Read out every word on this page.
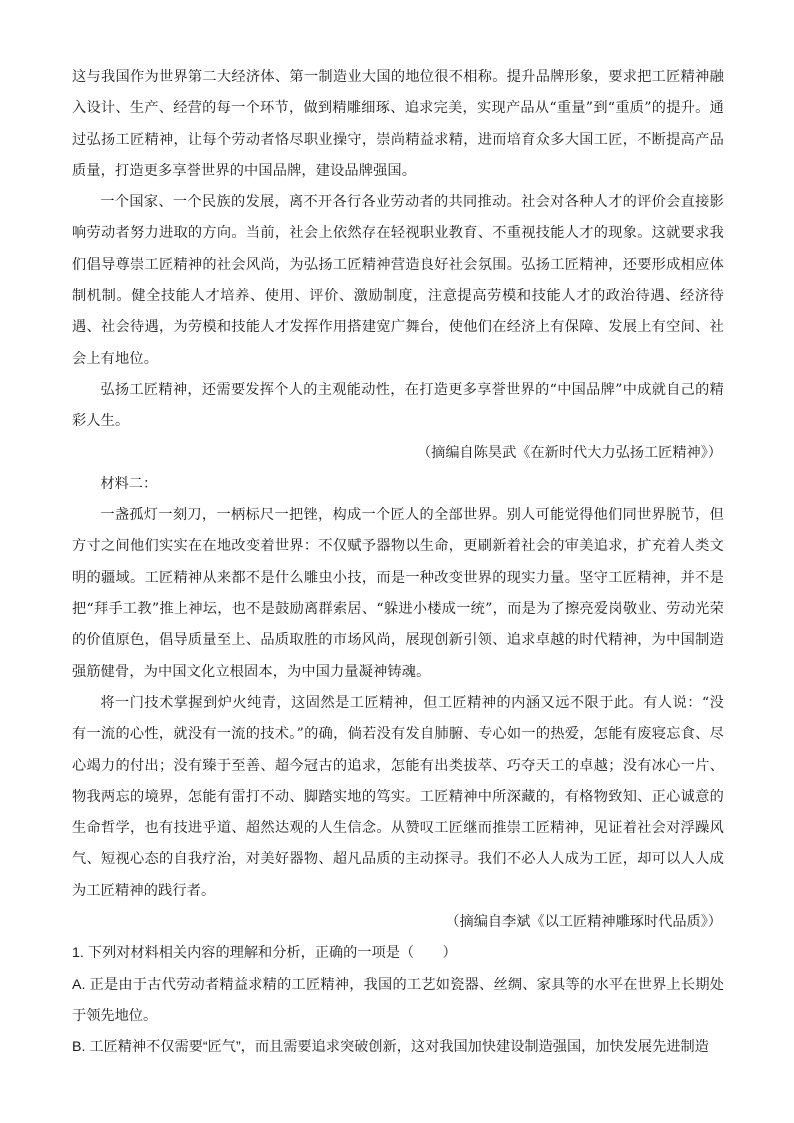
这与我国作为世界第二大经济体、第一制造业大国的地位很不相称。提升品牌形象，要求把工匠精神融入设计、生产、经营的每一个环节，做到精雕细琢、追求完美，实现产品从“重量”到“重质”的提升。通过弘扬工匠精神，让每个劳动者恪尽职业操守，崇尚精益求精，进而培育众多大国工匠，不断提高产品质量，打造更多享誉世界的中国品牌，建设品牌强国。

一个国家、一个民族的发展，离不开各行各业劳动者的共同推动。社会对各种人才的评价会直接影响劳动者努力进取的方向。当前，社会上依然存在轻视职业教育、不重视技能人才的现象。这就要求我们倡导尊崇工匠精神的社会风尚，为弘扬工匠精神营造良好社会氛围。弘扬工匠精神，还要形成相应体制机制。健全技能人才培养、使用、评价、激励制度，注意提高劳模和技能人才的政治待遇、经济待遇、社会待遇，为劳模和技能人才发挥作用搭建宽广舞台，使他们在经济上有保障、发展上有空间、社会上有地位。

弘扬工匠精神，还需要发挥个人的主观能动性，在打造更多享誉世界的“中国品牌”中成就自己的精彩人生。

（摘编自陈昊武《在新时代大力弘扬工匠精神》）

材料二：

一盏孤灯一刻刀，一柄标尺一把锉，构成一个匠人的全部世界。别人可能觉得他们同世界脱节，但方寸之间他们实实在在地改变着世界：不仅赋予器物以生命，更刷新着社会的审美追求，扩充着人类文明的疆域。工匠精神从来都不是什么雕虫小技，而是一种改变世界的现实力量。坚守工匠精神，并不是把“拜手工教”推上神坛，也不是鼓励离群索居、“躲进小楼成一统”，而是为了擦亮爱岗敬业、劳动光荣的价值原色，倡导质量至上、品质取胜的市场风尚，展现创新引领、追求卓越的时代精神，为中国制造强筋健骨，为中国文化立根固本，为中国力量凝神铸魂。

将一门技术掌握到炉火纯青，这固然是工匠精神，但工匠精神的内涵又远不限于此。有人说：“没有一流的心性，就没有一流的技术。”的确，倘若没有发自肺腑、专心如一的热爱，怎能有废寝忘食、尽心竭力的付出；没有臻于至善、超今冠古的追求，怎能有出类拔萃、巧夺天工的卓越；没有冰心一片、物我两忘的境界，怎能有雷打不动、脚踏实地的笃实。工匠精神中所深藏的，有格物致知、正心诚意的生命哲学，也有技进乎道、超然达观的人生信念。从赞叹工匠继而推崇工匠精神，见证着社会对浮躁风气、短视心态的自我疗治，对美好器物、超凡品质的主动探寻。我们不必人人成为工匠，却可以人人成为工匠精神的践行者。

（摘编自李斌《以工匠精神雕琢时代品质》）

1. 下列对材料相关内容的理解和分析，正确的一项是（　　）

A. 正是由于古代劳动者精益求精的工匠精神，我国的工艺如瓷器、丝绸、家具等的水平在世界上长期处于领先地位。

B. 工匠精神不仅需要“匠气”，而且需要追求突破创新，这对我国加快建设制造强国，加快发展先进制造
